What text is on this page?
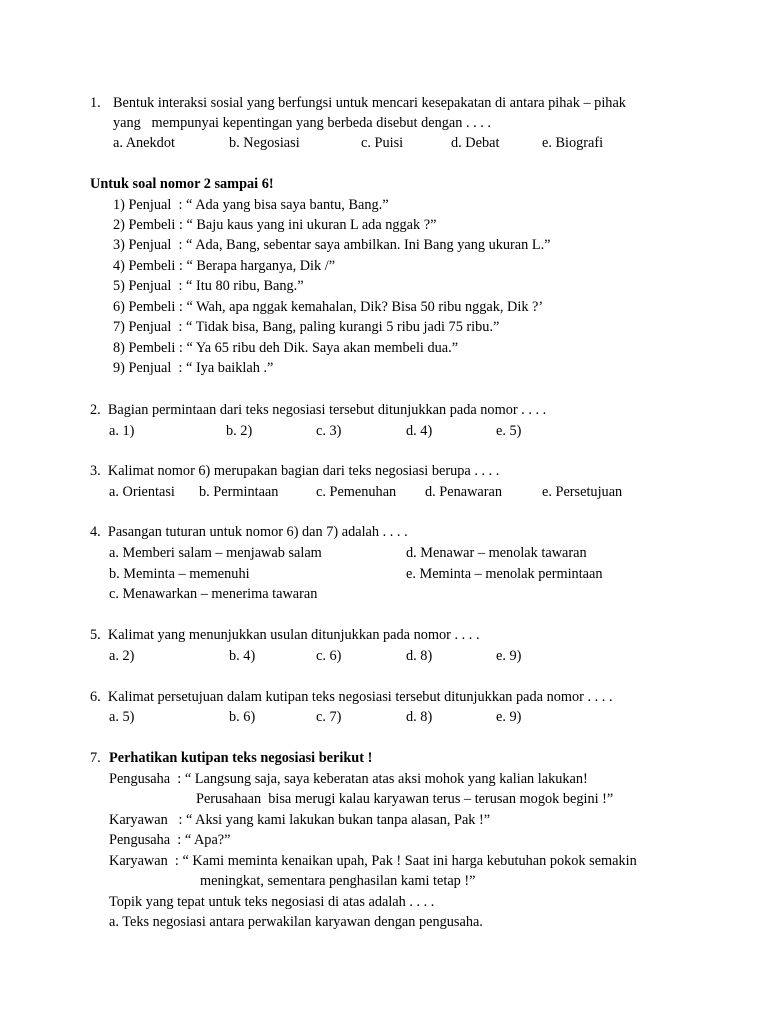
1. Bentuk interaksi sosial yang berfungsi untuk mencari kesepakatan di antara pihak – pihak
yang   mempunyai kepentingan yang berbeda disebut dengan . . . .
a. Anekdot	b. Negosiasi	c. Puisi	d. Debat	e. Biografi
Untuk soal nomor 2 sampai 6!
1) Penjual  : “ Ada yang bisa saya bantu, Bang.”
2) Pembeli : “ Baju kaus yang ini ukuran L ada nggak ?”
3) Penjual  : “ Ada, Bang, sebentar saya ambilkan. Ini Bang yang ukuran L.”
4) Pembeli : “ Berapa harganya, Dik /”
5) Penjual  : “ Itu 80 ribu, Bang.”
6) Pembeli : “ Wah, apa nggak kemahalan, Dik? Bisa 50 ribu nggak, Dik ?’
7) Penjual  : “ Tidak bisa, Bang, paling kurangi 5 ribu jadi 75 ribu.”
8) Pembeli : “ Ya 65 ribu deh Dik. Saya akan membeli dua.”
9) Penjual  : “ Iya baiklah .”
2.  Bagian permintaan dari teks negosiasi tersebut ditunjukkan pada nomor . . . .
a. 1)	b. 2)	c. 3)	d. 4)	e. 5)
3.  Kalimat nomor 6) merupakan bagian dari teks negosiasi berupa . . . .
a. Orientasi b. Permintaan	c. Pemenuhan d. Penawaran	e. Persetujuan
4.  Pasangan tuturan untuk nomor 6) dan 7) adalah . . . .
a. Memberi salam – menjawab salam
b. Meminta – memenuhi
c. Menawarkan – menerima tawaran
d. Menawar – menolak tawaran
e. Meminta – menolak permintaan
5.  Kalimat yang menunjukkan usulan ditunjukkan pada nomor . . . .
a. 2)	b. 4)	c. 6)	d. 8)	e. 9)
6.  Kalimat persetujuan dalam kutipan teks negosiasi tersebut ditunjukkan pada nomor . . . .
a. 5)	b. 6)	c. 7)	d. 8)	e. 9)
7. Perhatikan kutipan teks negosiasi berikut !
Pengusaha  : “ Langsung saja, saya keberatan atas aksi mohok yang kalian lakukan!
Perusahaan  bisa merugi kalau karyawan terus – terusan mogok begini !”
Karyawan   : “ Aksi yang kami lakukan bukan tanpa alasan, Pak !”
Pengusaha  : “ Apa?”
Karyawan  : “ Kami meminta kenaikan upah, Pak ! Saat ini harga kebutuhan pokok semakin
meningkat, sementara penghasilan kami tetap !”
Topik yang tepat untuk teks negosiasi di atas adalah . . . .
a. Teks negosiasi antara perwakilan karyawan dengan pengusaha.
